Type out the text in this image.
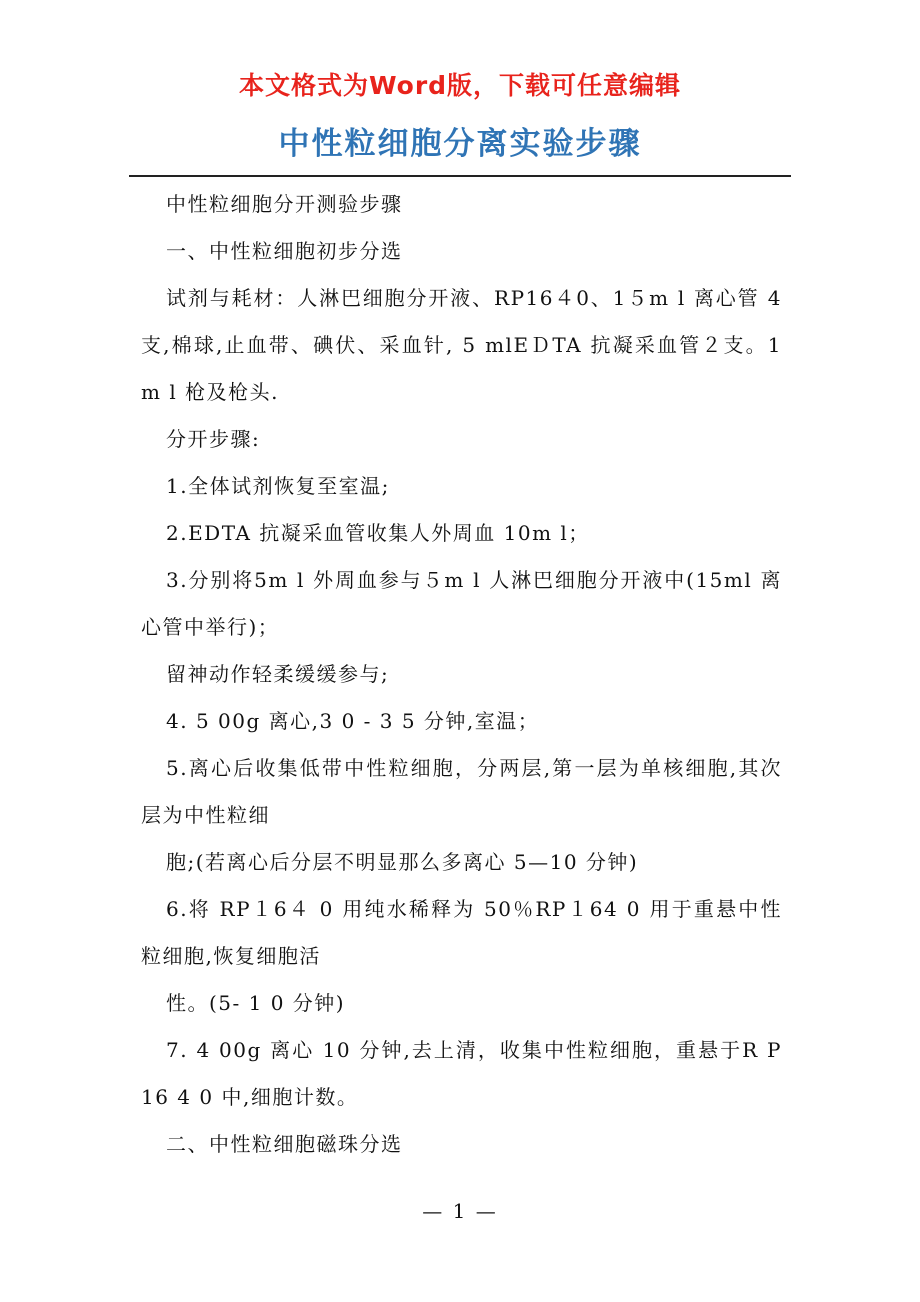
本文格式为Word版，下载可任意编辑
中性粒细胞分离实验步骤

中性粒细胞分开测验步骤

一、中性粒细胞初步分选

试剂与耗材：人淋巴细胞分开液、RP16４0、1５m l 离心管 4 支,棉球,止血带、碘伏、采血针, 5 mlEＤTA 抗凝采血管２支。1m l 枪及枪头.

分开步骤:

1.全体试剂恢复至室温;

2.EDTA 抗凝采血管收集人外周血 10m l；

3.分别将5m l 外周血参与５m l 人淋巴细胞分开液中(15ml 离心管中举行)；

留神动作轻柔缓缓参与;

4. 5 00g 离心,3 0 - 3 5 分钟,室温；

5.离心后收集低带中性粒细胞，分两层,第一层为单核细胞,其次层为中性粒细

胞;(若离心后分层不明显那么多离心 5—10 分钟)

6.将 RP１6４ 0 用纯水稀释为 50％RP１64 0 用于重悬中性粒细胞,恢复细胞活

性。(5- 1 0 分钟)

7. 4 00g 离心 10 分钟,去上清，收集中性粒细胞，重悬于R P16 4 0 中,细胞计数。

二、中性粒细胞磁珠分选

— 1 —
